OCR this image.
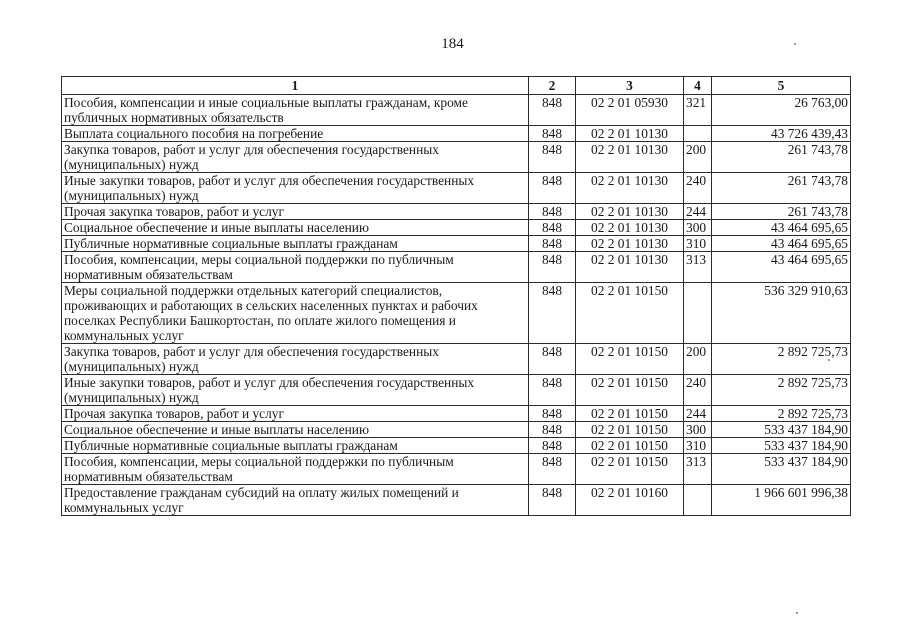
184
1	2	3	4	5
Пособия, компенсации и иные социальные выплаты гражданам, кроме публичных нормативных обязательств	848	02 2 01 05930	321	26 763,00
Выплата социального пособия на погребение	848	02 2 01 10130		43 726 439,43
Закупка товаров, работ и услуг для обеспечения государственных (муниципальных) нужд	848	02 2 01 10130	200	261 743,78
Иные закупки товаров, работ и услуг для обеспечения государственных (муниципальных) нужд	848	02 2 01 10130	240	261 743,78
Прочая закупка товаров, работ и услуг	848	02 2 01 10130	244	261 743,78
Социальное обеспечение и иные выплаты населению	848	02 2 01 10130	300	43 464 695,65
Публичные нормативные социальные выплаты гражданам	848	02 2 01 10130	310	43 464 695,65
Пособия, компенсации, меры социальной поддержки по публичным нормативным обязательствам	848	02 2 01 10130	313	43 464 695,65
Меры социальной поддержки отдельных категорий специалистов, проживающих и работающих в сельских населенных пунктах и рабочих поселках Республики Башкортостан, по оплате жилого помещения и коммунальных услуг	848	02 2 01 10150		536 329 910,63
Закупка товаров, работ и услуг для обеспечения государственных (муниципальных) нужд	848	02 2 01 10150	200	2 892 725,73
Иные закупки товаров, работ и услуг для обеспечения государственных (муниципальных) нужд	848	02 2 01 10150	240	2 892 725,73
Прочая закупка товаров, работ и услуг	848	02 2 01 10150	244	2 892 725,73
Социальное обеспечение и иные выплаты населению	848	02 2 01 10150	300	533 437 184,90
Публичные нормативные социальные выплаты гражданам	848	02 2 01 10150	310	533 437 184,90
Пособия, компенсации, меры социальной поддержки по публичным нормативным обязательствам	848	02 2 01 10150	313	533 437 184,90
Предоставление гражданам субсидий на оплату жилых помещений и коммунальных услуг	848	02 2 01 10160		1 966 601 996,38
